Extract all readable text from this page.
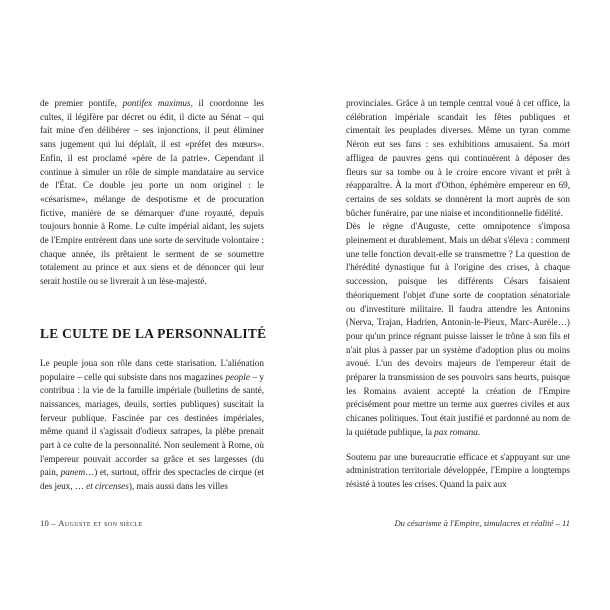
de premier pontife, pontifex maximus, il coordonne les cultes, il légifère par décret ou édit, il dicte au Sénat – qui fait mine d'en délibérer – ses injonctions, il peut éliminer sans jugement qui lui déplaît, il est «préfet des mœurs». Enfin, il est proclamé «père de la patrie». Cependant il continue à simuler un rôle de simple mandataire au service de l'État. Ce double jeu porte un nom originel : le «césarisme», mélange de despotisme et de procuration fictive, manière de se démarquer d'une royauté, depuis toujours honnie à Rome. Le culte impérial aidant, les sujets de l'Empire entrèrent dans une sorte de servitude volontaire : chaque année, ils prêtaient le serment de se soumettre totalement au prince et aux siens et de dénoncer qui leur serait hostile ou se livrerait à un lèse-majesté.

LE CULTE DE LA PERSONNALITÉ

Le peuple joua son rôle dans cette starisation. L'aliénation populaire – celle qui subsiste dans nos magazines people – y contribua : la vie de la famille impériale (bulletins de santé, naissances, mariages, deuils, sorties publiques) suscitait la ferveur publique. Fascinée par ces destinées impériales, même quand il s'agissait d'odieux satrapes, la plèbe prenait part à ce culte de la personnalité. Non seulement à Rome, où l'empereur pouvait accorder sa grâce et ses largesses (du pain, panem…) et, surtout, offrir des spectacles de cirque (et des jeux, … et circenses), mais aussi dans les villes

10 – Auguste et son siècle

provinciales. Grâce à un temple central voué à cet office, la célébration impériale scandait les fêtes publiques et cimentait les peuplades diverses. Même un tyran comme Néron eut ses fans : ses exhibitions amusaient. Sa mort affligea de pauvres gens qui continuèrent à déposer des fleurs sur sa tombe ou à le croire encore vivant et prêt à réapparaître. À la mort d'Othon, éphémère empereur en 69, certains de ses soldats se donnèrent la mort auprès de son bûcher funéraire, par une niaise et inconditionnelle fidélité.

Dès le règne d'Auguste, cette omnipotence s'imposa pleinement et durablement. Mais un débat s'éleva : comment une telle fonction devait-elle se transmettre ? La question de l'hérédité dynastique fut à l'origine des crises, à chaque succession, puisque les différents Césars faisaient théoriquement l'objet d'une sorte de cooptation sénatoriale ou d'investiture militaire. Il faudra attendre les Antonins (Nerva, Trajan, Hadrien, Antonin-le-Pieux, Marc-Aurèle…) pour qu'un prince régnant puisse laisser le trône à son fils et n'ait plus à passer par un système d'adoption plus ou moins avoué. L'un des devoirs majeurs de l'empereur était de préparer la transmission de ses pouvoirs sans heurts, puisque les Romains avaient accepté la création de l'Empire précisément pour mettre un terme aux guerres civiles et aux chicanes politiques. Tout était justifié et pardonné au nom de la quiétude publique, la pax romana.

Soutenu par une bureaucratie efficace et s'appuyant sur une administration territoriale développée, l'Empire a longtemps résisté à toutes les crises. Quand la paix aux

Du césarisme à l'Empire, simulacres et réalité – 11
